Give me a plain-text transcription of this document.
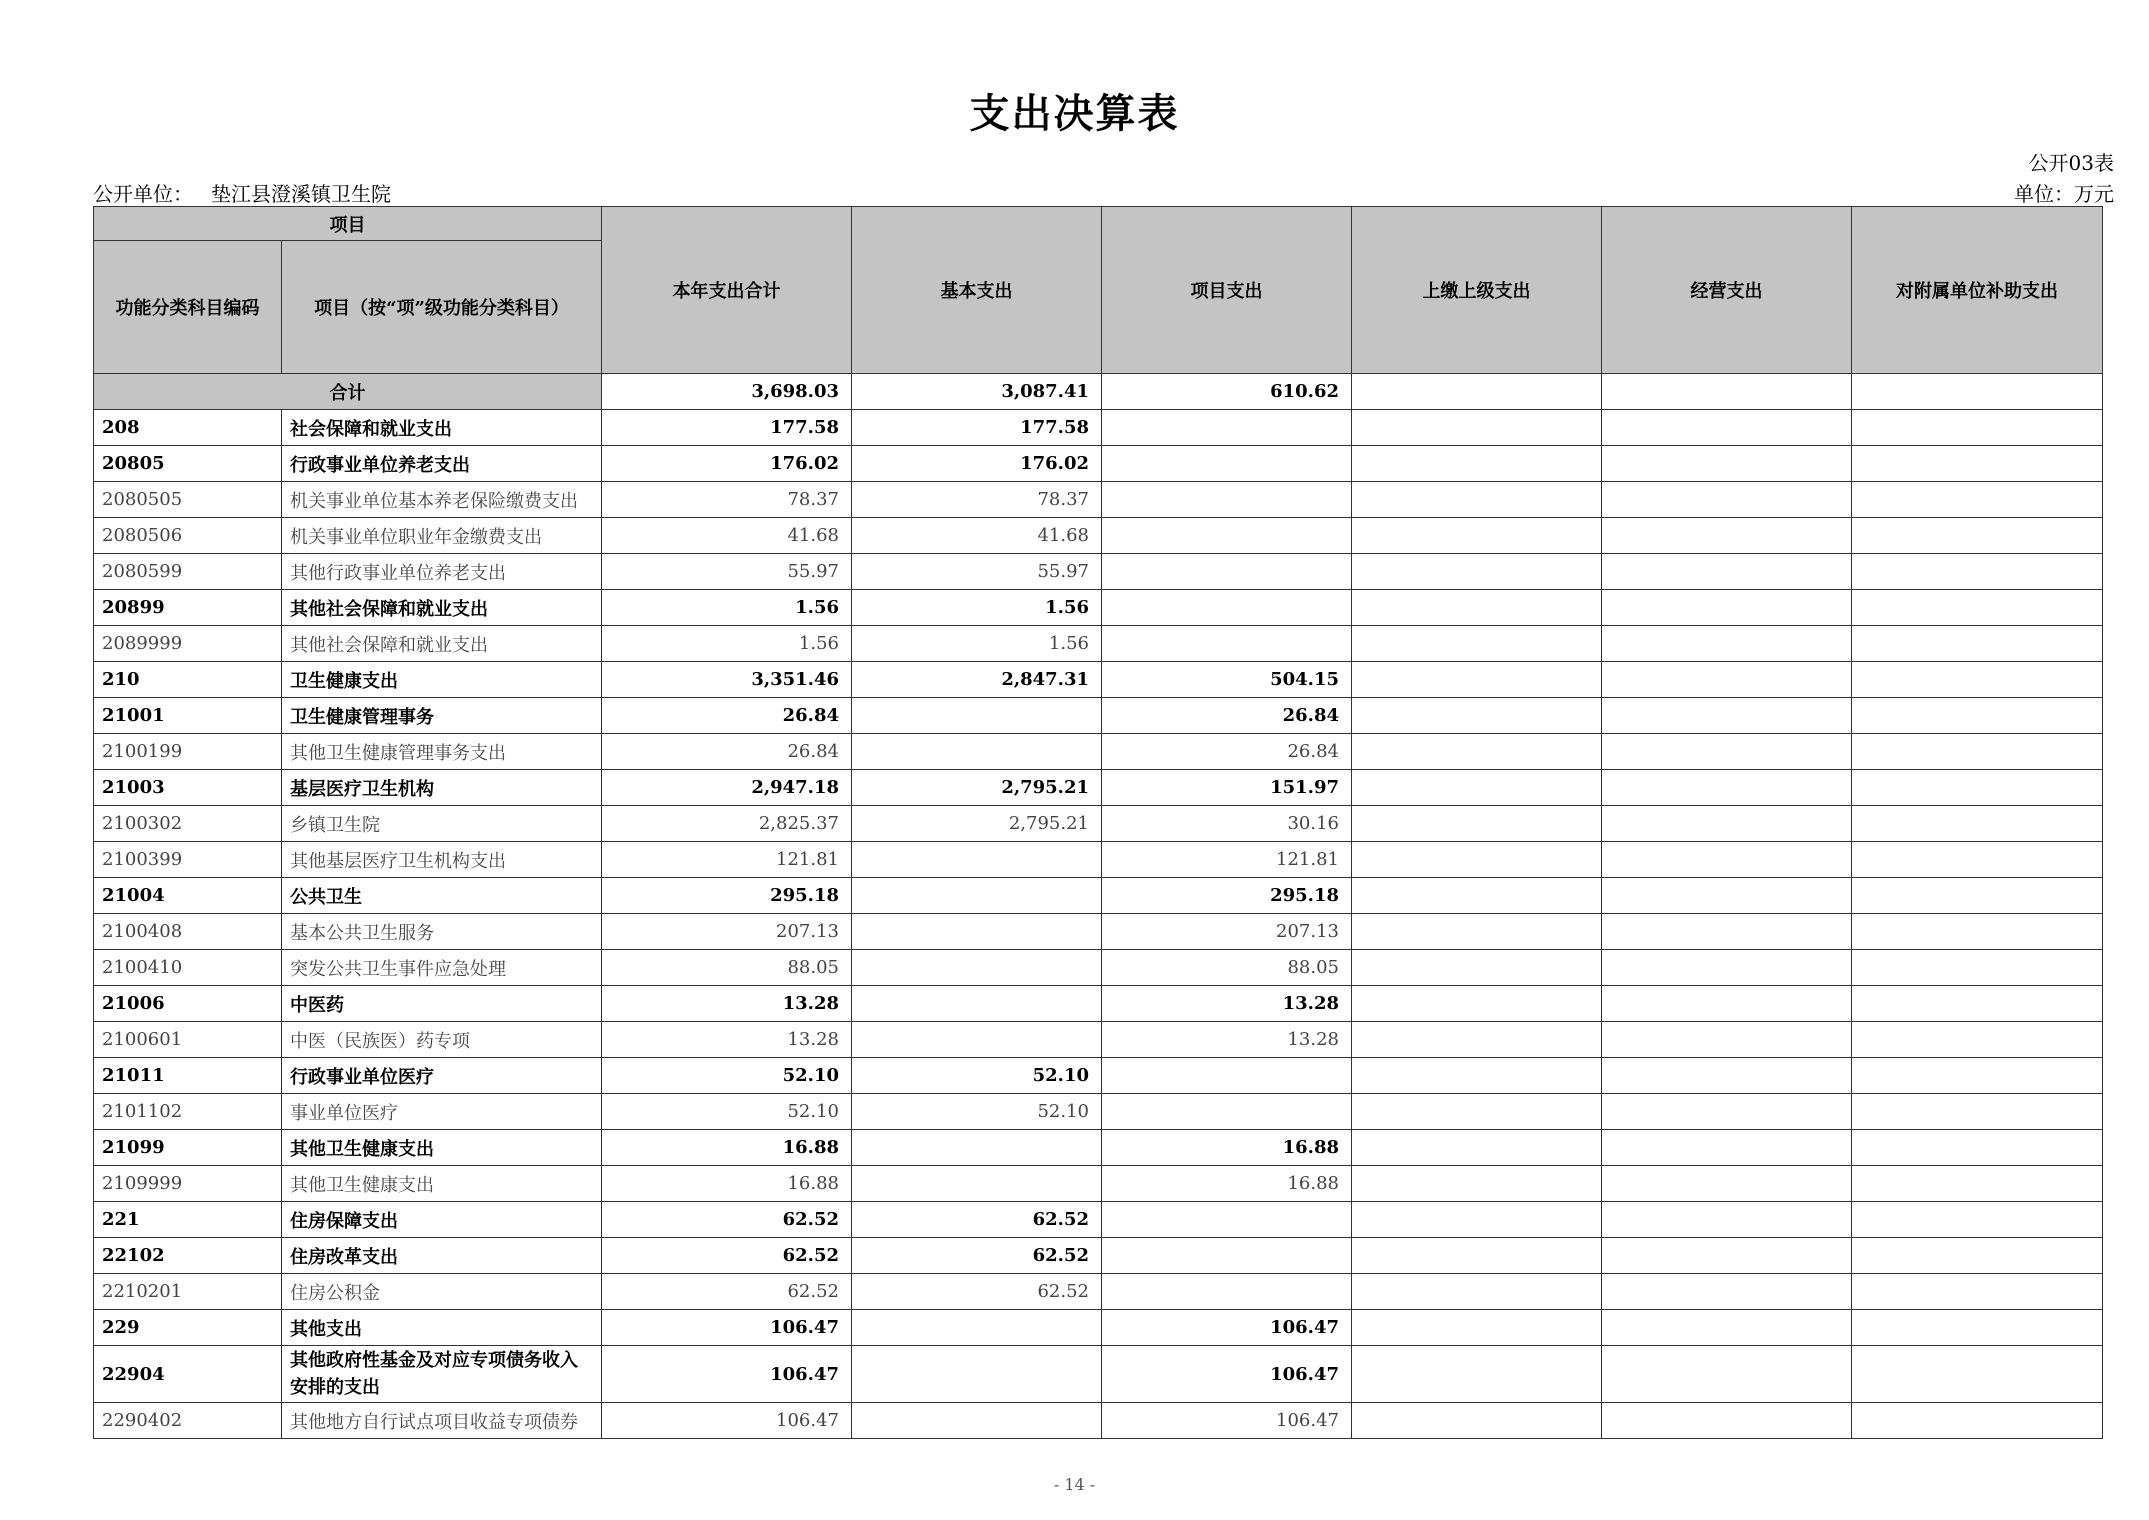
支出决算表
公开03表
公开单位： 垫江县澄溪镇卫生院	单位：万元
项目		本年支出合计	基本支出	项目支出	上缴上级支出	经营支出	对附属单位补助支出
功能分类科目编码	项目（按“项”级功能分类科目）						
合计		3,698.03	3,087.41	610.62			
208	社会保障和就业支出	177.58	177.58				
20805	行政事业单位养老支出	176.02	176.02				
2080505	机关事业单位基本养老保险缴费支出	78.37	78.37				
2080506	机关事业单位职业年金缴费支出	41.68	41.68				
2080599	其他行政事业单位养老支出	55.97	55.97				
20899	其他社会保障和就业支出	1.56	1.56				
2089999	其他社会保障和就业支出	1.56	1.56				
210	卫生健康支出	3,351.46	2,847.31	504.15			
21001	卫生健康管理事务	26.84		26.84			
2100199	其他卫生健康管理事务支出	26.84		26.84			
21003	基层医疗卫生机构	2,947.18	2,795.21	151.97			
2100302	乡镇卫生院	2,825.37	2,795.21	30.16			
2100399	其他基层医疗卫生机构支出	121.81		121.81			
21004	公共卫生	295.18		295.18			
2100408	基本公共卫生服务	207.13		207.13			
2100410	突发公共卫生事件应急处理	88.05		88.05			
21006	中医药	13.28		13.28			
2100601	中医（民族医）药专项	13.28		13.28			
21011	行政事业单位医疗	52.10	52.10				
2101102	事业单位医疗	52.10	52.10				
21099	其他卫生健康支出	16.88		16.88			
2109999	其他卫生健康支出	16.88		16.88			
221	住房保障支出	62.52	62.52				
22102	住房改革支出	62.52	62.52				
2210201	住房公积金	62.52	62.52				
229	其他支出	106.47		106.47			
22904	其他政府性基金及对应专项债务收入安排的支出	106.47		106.47			
2290402	其他地方自行试点项目收益专项债券	106.47		106.47			
- 14 -
